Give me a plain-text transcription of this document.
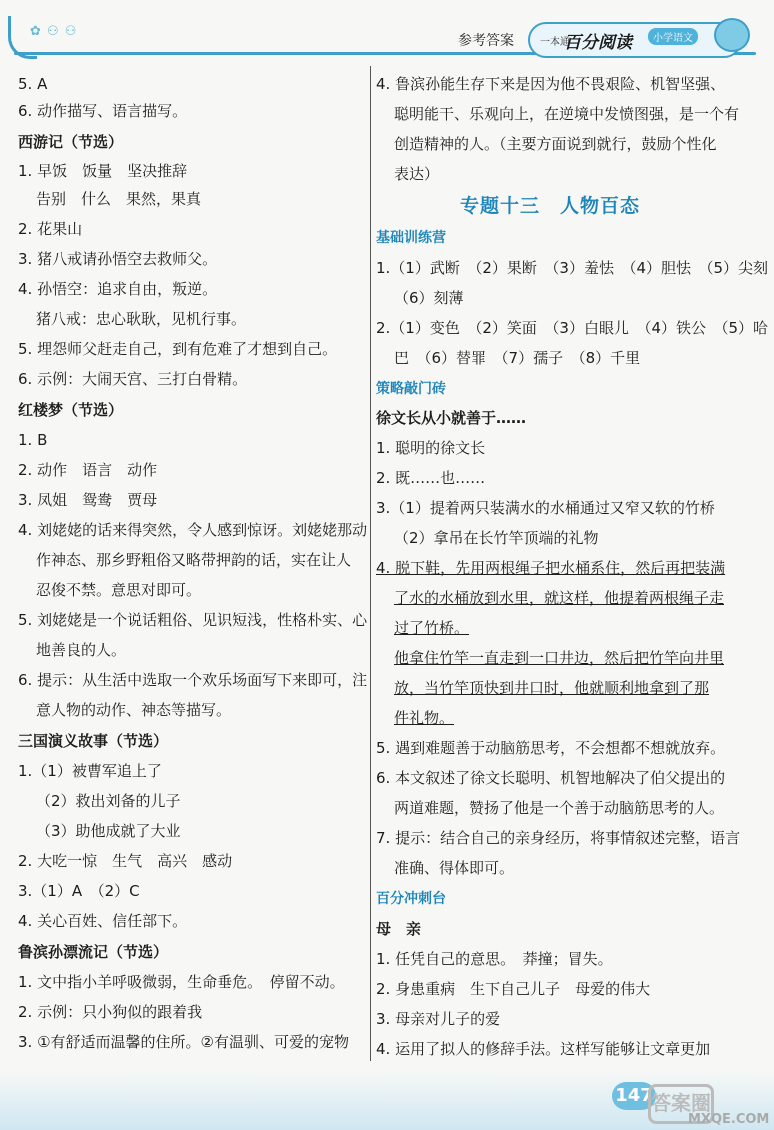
✿ ⚇ ⚇
参考答案	一本通
百分阅读	小学语文
5. A
6. 动作描写、语言描写。
西游记（节选）
1. 早饭　饭量　坚决推辞
告别　什么　果然，果真
2. 花果山
3. 猪八戒请孙悟空去救师父。
4. 孙悟空：追求自由，叛逆。
猪八戒：忠心耿耿，见机行事。
5. 埋怨师父赶走自己，到有危难了才想到自己。
6. 示例：大闹天宫、三打白骨精。
红楼梦（节选）
1. B
2. 动作　语言　动作
3. 凤姐　鸳鸯　贾母
4. 刘姥姥的话来得突然，令人感到惊讶。刘姥姥那动
作神态、那乡野粗俗又略带押韵的话，实在让人
忍俊不禁。意思对即可。
5. 刘姥姥是一个说话粗俗、见识短浅，性格朴实、心
地善良的人。
6. 提示：从生活中选取一个欢乐场面写下来即可，注
意人物的动作、神态等描写。
三国演义故事（节选）
1.（1）被曹军追上了
（2）救出刘备的儿子
（3）助他成就了大业
2. 大吃一惊　生气　高兴　感动
3.（1）A　（2）C
4. 关心百姓、信任部下。
鲁滨孙漂流记（节选）
1. 文中指小羊呼吸微弱，生命垂危。　停留不动。
2. 示例：只小狗似的跟着我
3. ①有舒适而温馨的住所。②有温驯、可爱的宠物
4. 鲁滨孙能生存下来是因为他不畏艰险、机智坚强、
聪明能干、乐观向上，在逆境中发愤图强，是一个有
创造精神的人。（主要方面说到就行，鼓励个性化
表达）
专题十三　人物百态
基础训练营
1.（1）武断　（2）果断　（3）羞怯　（4）胆怯　（5）尖刻
（6）刻薄
2.（1）变色　（2）笑面　（3）白眼儿　（4）铁公　（5）哈
巴　（6）替罪　（7）孺子　（8）千里
策略敲门砖
徐文长从小就善于……
1. 聪明的徐文长
2. 既……也……
3.（1）提着两只装满水的水桶通过又窄又软的竹桥
（2）拿吊在长竹竿顶端的礼物
4. 脱下鞋，先用两根绳子把水桶系住，然后再把装满
了水的水桶放到水里，就这样，他提着两根绳子走
过了竹桥。
他拿住竹竿一直走到一口井边，然后把竹竿向井里
放，当竹竿顶快到井口时，他就顺利地拿到了那
件礼物。
5. 遇到难题善于动脑筋思考，不会想都不想就放弃。
6. 本文叙述了徐文长聪明、机智地解决了伯父提出的
两道难题，赞扬了他是一个善于动脑筋思考的人。
7. 提示：结合自己的亲身经历，将事情叙述完整，语言
准确、得体即可。
百分冲刺台
母　亲
1. 任凭自己的意思。　莽撞；冒失。
2. 身患重病　生下自己儿子　母爱的伟大
3. 母亲对儿子的爱
4. 运用了拟人的修辞手法。这样写能够让文章更加
147
答案圈
MXQE.COM
